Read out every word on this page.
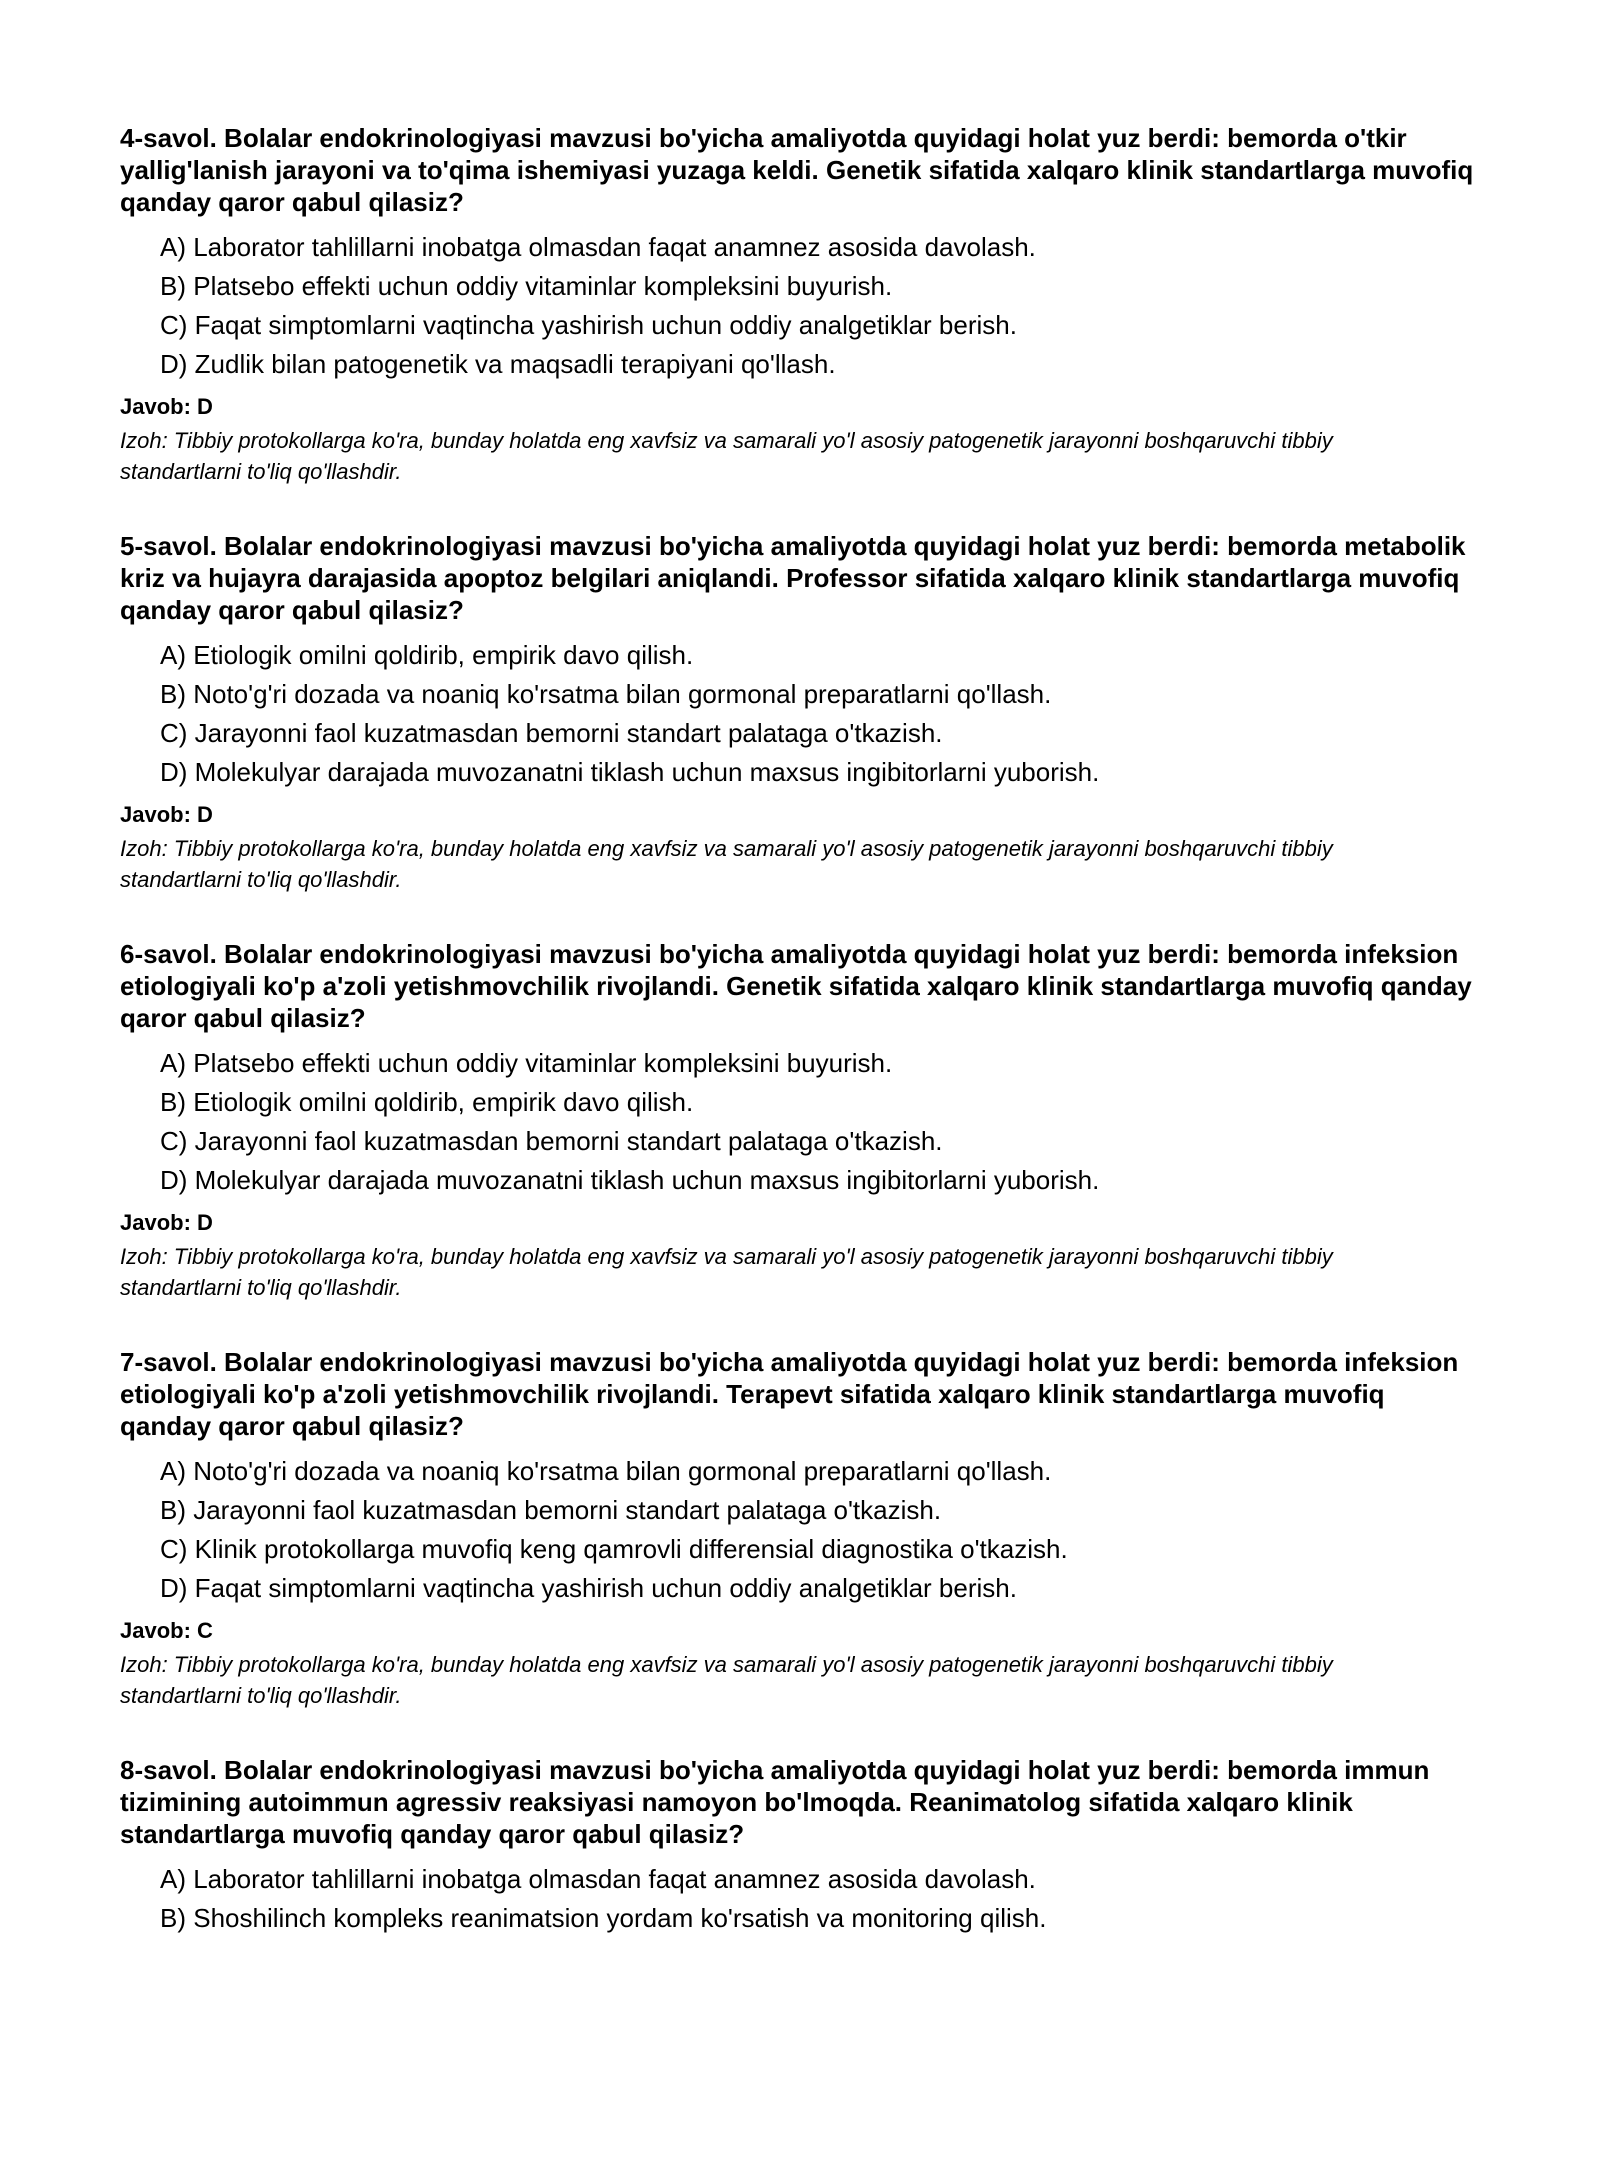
4-savol. Bolalar endokrinologiyasi mavzusi bo'yicha amaliyotda quyidagi holat yuz berdi: bemorda o'tkir yallig'lanish jarayoni va to'qima ishemiyasi yuzaga keldi. Genetik sifatida xalqaro klinik standartlarga muvofiq qanday qaror qabul qilasiz?

A) Laborator tahlillarni inobatga olmasdan faqat anamnez asosida davolash.
B) Platsebo effekti uchun oddiy vitaminlar kompleksini buyurish.
C) Faqat simptomlarni vaqtincha yashirish uchun oddiy analgetiklar berish.
D) Zudlik bilan patogenetik va maqsadli terapiyani qo'llash.
Javob: D

Izoh: Tibbiy protokollarga ko'ra, bunday holatda eng xavfsiz va samarali yo'l asosiy patogenetik jarayonni boshqaruvchi tibbiy standartlarni to'liq qo'llashdir.

5-savol. Bolalar endokrinologiyasi mavzusi bo'yicha amaliyotda quyidagi holat yuz berdi: bemorda metabolik kriz va hujayra darajasida apoptoz belgilari aniqlandi. Professor sifatida xalqaro klinik standartlarga muvofiq qanday qaror qabul qilasiz?

A) Etiologik omilni qoldirib, empirik davo qilish.
B) Noto'g'ri dozada va noaniq ko'rsatma bilan gormonal preparatlarni qo'llash.
C) Jarayonni faol kuzatmasdan bemorni standart palataga o'tkazish.
D) Molekulyar darajada muvozanatni tiklash uchun maxsus ingibitorlarni yuborish.
Javob: D

Izoh: Tibbiy protokollarga ko'ra, bunday holatda eng xavfsiz va samarali yo'l asosiy patogenetik jarayonni boshqaruvchi tibbiy standartlarni to'liq qo'llashdir.

6-savol. Bolalar endokrinologiyasi mavzusi bo'yicha amaliyotda quyidagi holat yuz berdi: bemorda infeksion etiologiyali ko'p a'zoli yetishmovchilik rivojlandi. Genetik sifatida xalqaro klinik standartlarga muvofiq qanday qaror qabul qilasiz?

A) Platsebo effekti uchun oddiy vitaminlar kompleksini buyurish.
B) Etiologik omilni qoldirib, empirik davo qilish.
C) Jarayonni faol kuzatmasdan bemorni standart palataga o'tkazish.
D) Molekulyar darajada muvozanatni tiklash uchun maxsus ingibitorlarni yuborish.
Javob: D

Izoh: Tibbiy protokollarga ko'ra, bunday holatda eng xavfsiz va samarali yo'l asosiy patogenetik jarayonni boshqaruvchi tibbiy standartlarni to'liq qo'llashdir.

7-savol. Bolalar endokrinologiyasi mavzusi bo'yicha amaliyotda quyidagi holat yuz berdi: bemorda infeksion etiologiyali ko'p a'zoli yetishmovchilik rivojlandi. Terapevt sifatida xalqaro klinik standartlarga muvofiq qanday qaror qabul qilasiz?

A) Noto'g'ri dozada va noaniq ko'rsatma bilan gormonal preparatlarni qo'llash.
B) Jarayonni faol kuzatmasdan bemorni standart palataga o'tkazish.
C) Klinik protokollarga muvofiq keng qamrovli differensial diagnostika o'tkazish.
D) Faqat simptomlarni vaqtincha yashirish uchun oddiy analgetiklar berish.
Javob: C

Izoh: Tibbiy protokollarga ko'ra, bunday holatda eng xavfsiz va samarali yo'l asosiy patogenetik jarayonni boshqaruvchi tibbiy standartlarni to'liq qo'llashdir.

8-savol. Bolalar endokrinologiyasi mavzusi bo'yicha amaliyotda quyidagi holat yuz berdi: bemorda immun tizimining autoimmun agressiv reaksiyasi namoyon bo'lmoqda. Reanimatolog sifatida xalqaro klinik standartlarga muvofiq qanday qaror qabul qilasiz?

A) Laborator tahlillarni inobatga olmasdan faqat anamnez asosida davolash.
B) Shoshilinch kompleks reanimatsion yordam ko'rsatish va monitoring qilish.
